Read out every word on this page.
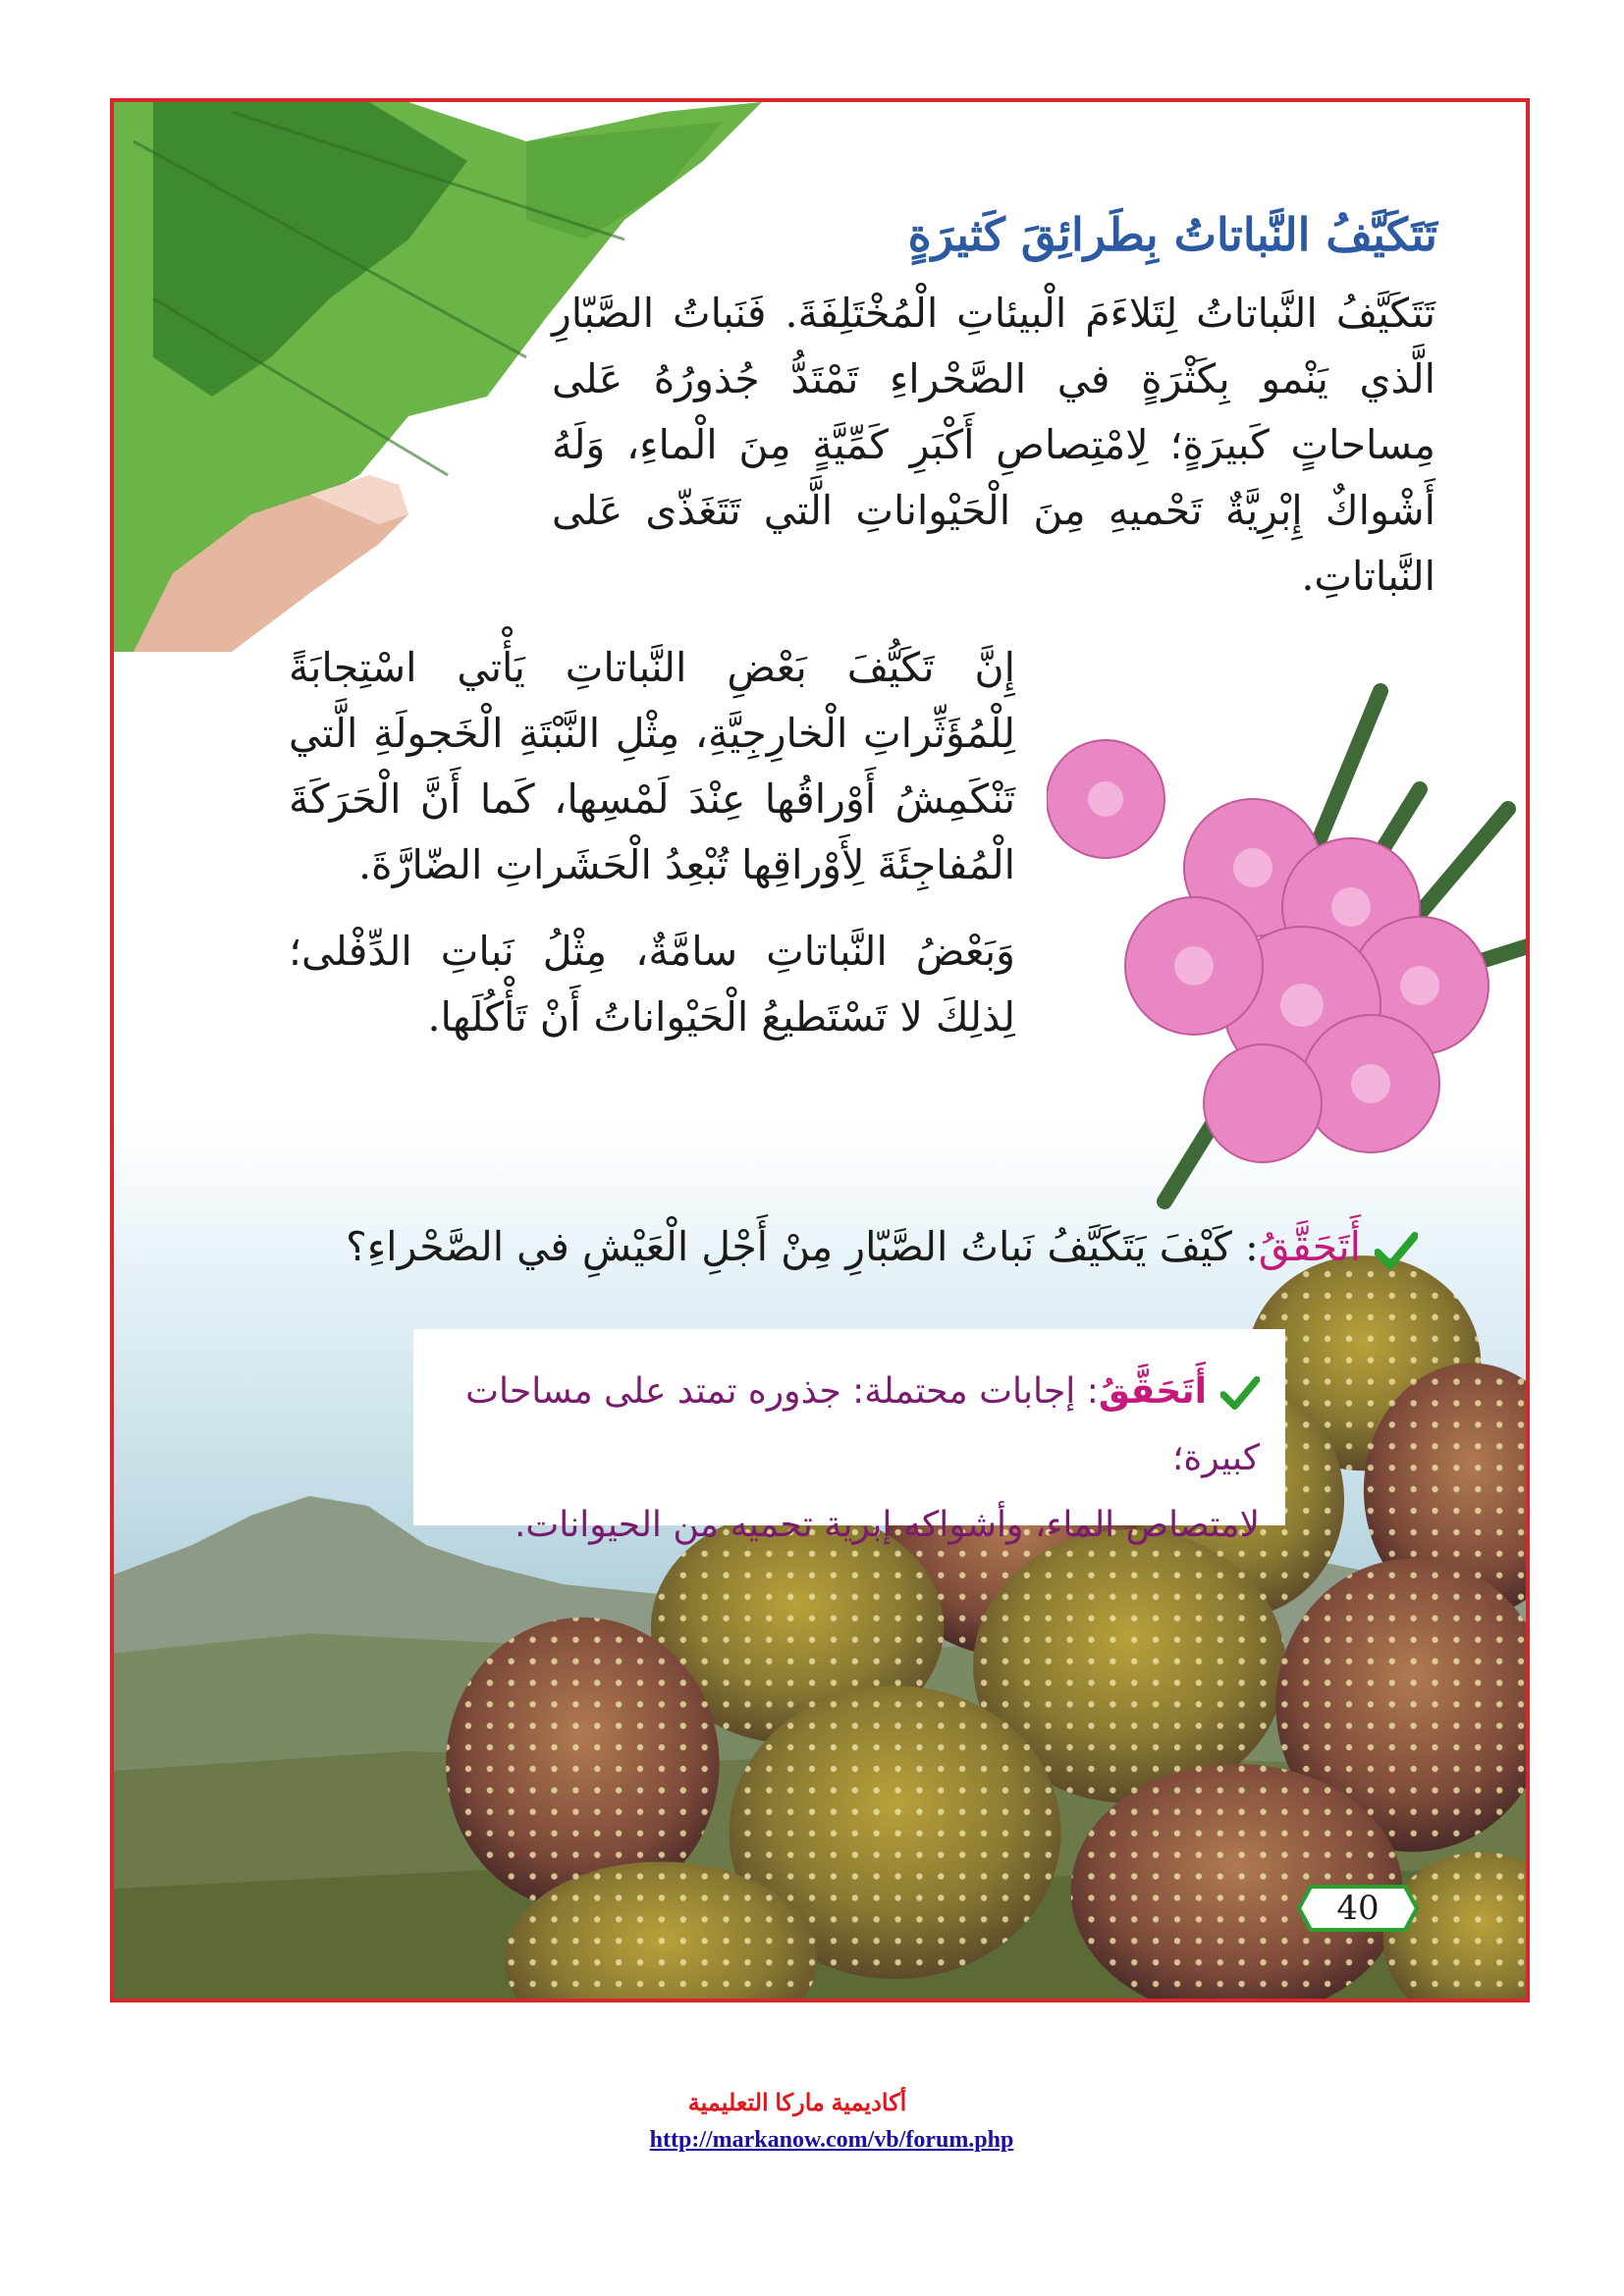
تَتَكَيَّفُ النَّباتاتُ بِطَرائِقَ كَثيرَةٍ

تَتَكَيَّفُ النَّباتاتُ لِتَلاءَمَ الْبيئاتِ الْمُخْتَلِفَةَ. فَنَباتُ الصَّبّارِ الَّذي يَنْمو بِكَثْرَةٍ في الصَّحْراءِ تَمْتَدُّ جُذورُهُ عَلى مِساحاتٍ كَبيرَةٍ؛ لِامْتِصاصِ أَكْبَرِ كَمِّيَّةٍ مِنَ الْماءِ، وَلَهُ أَشْواكٌ إِبْرِيَّةٌ تَحْميهِ مِنَ الْحَيْواناتِ الَّتي تَتَغَذّى عَلى النَّباتاتِ.

إِنَّ تَكَيُّفَ بَعْضِ النَّباتاتِ يَأْتي اسْتِجابَةً لِلْمُؤَثِّراتِ الْخارِجِيَّةِ، مِثْلِ النَّبْتَةِ الْخَجولَةِ الَّتي تَنْكَمِشُ أَوْراقُها عِنْدَ لَمْسِها، كَما أَنَّ الْحَرَكَةَ الْمُفاجِئَةَ لِأَوْراقِها تُبْعِدُ الْحَشَراتِ الضّارَّةَ.

وَبَعْضُ النَّباتاتِ سامَّةٌ، مِثْلُ نَباتِ الدِّفْلى؛ لِذلِكَ لا تَسْتَطيعُ الْحَيْواناتُ أَنْ تَأْكُلَها.

أَتَحَقَّقُ: كَيْفَ يَتَكَيَّفُ نَباتُ الصَّبّارِ مِنْ أَجْلِ الْعَيْشِ في الصَّحْراءِ؟
أَتَحَقَّقُ: إجابات محتملة: جذوره تمتد على مساحات كبيرة؛
لامتصاص الماء، وأشواكه إبرية تحميه من الحيوانات.
40
أكاديمية ماركا التعليمية
http://markanow.com/vb/forum.php
